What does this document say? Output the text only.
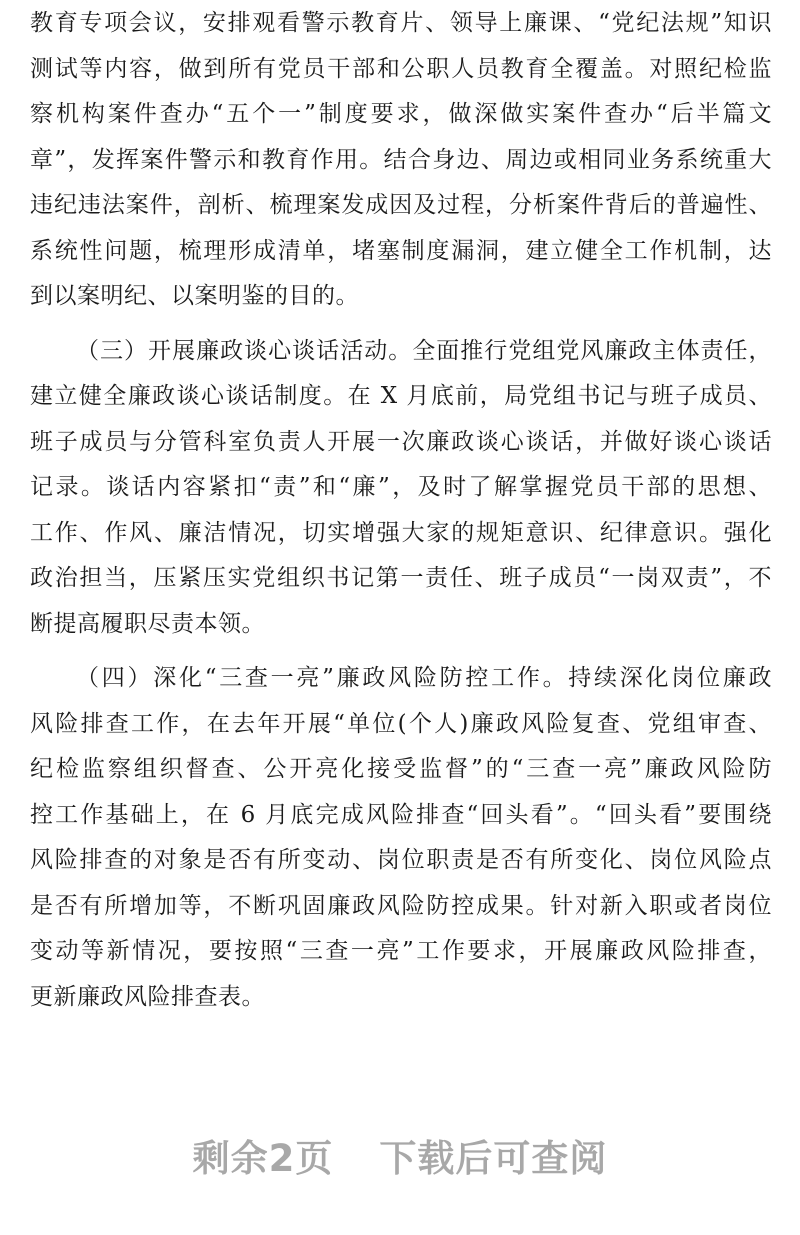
教育专项会议，安排观看警示教育片、领导上廉课、“党纪法规”知识
测试等内容，做到所有党员干部和公职人员教育全覆盖。对照纪检监
察机构案件查办“五个一”制度要求，做深做实案件查办“后半篇文
章”，发挥案件警示和教育作用。结合身边、周边或相同业务系统重大
违纪违法案件，剖析、梳理案发成因及过程，分析案件背后的普遍性、
系统性问题，梳理形成清单，堵塞制度漏洞，建立健全工作机制，达
到以案明纪、以案明鉴的目的。
（三）开展廉政谈心谈话活动。全面推行党组党风廉政主体责任，
建立健全廉政谈心谈话制度。在 X 月底前，局党组书记与班子成员、
班子成员与分管科室负责人开展一次廉政谈心谈话，并做好谈心谈话
记录。谈话内容紧扣“责”和“廉”，及时了解掌握党员干部的思想、
工作、作风、廉洁情况，切实增强大家的规矩意识、纪律意识。强化
政治担当，压紧压实党组织书记第一责任、班子成员“一岗双责”，不
断提高履职尽责本领。
（四）深化“三查一亮”廉政风险防控工作。持续深化岗位廉政
风险排查工作，在去年开展“单位(个人)廉政风险复查、党组审查、
纪检监察组织督查、公开亮化接受监督”的“三查一亮”廉政风险防
控工作基础上，在 6 月底完成风险排查“回头看”。“回头看”要围绕
风险排查的对象是否有所变动、岗位职责是否有所变化、岗位风险点
是否有所增加等，不断巩固廉政风险防控成果。针对新入职或者岗位
变动等新情况，要按照“三查一亮”工作要求，开展廉政风险排查，
更新廉政风险排查表。
剩余2页 下载后可查阅
